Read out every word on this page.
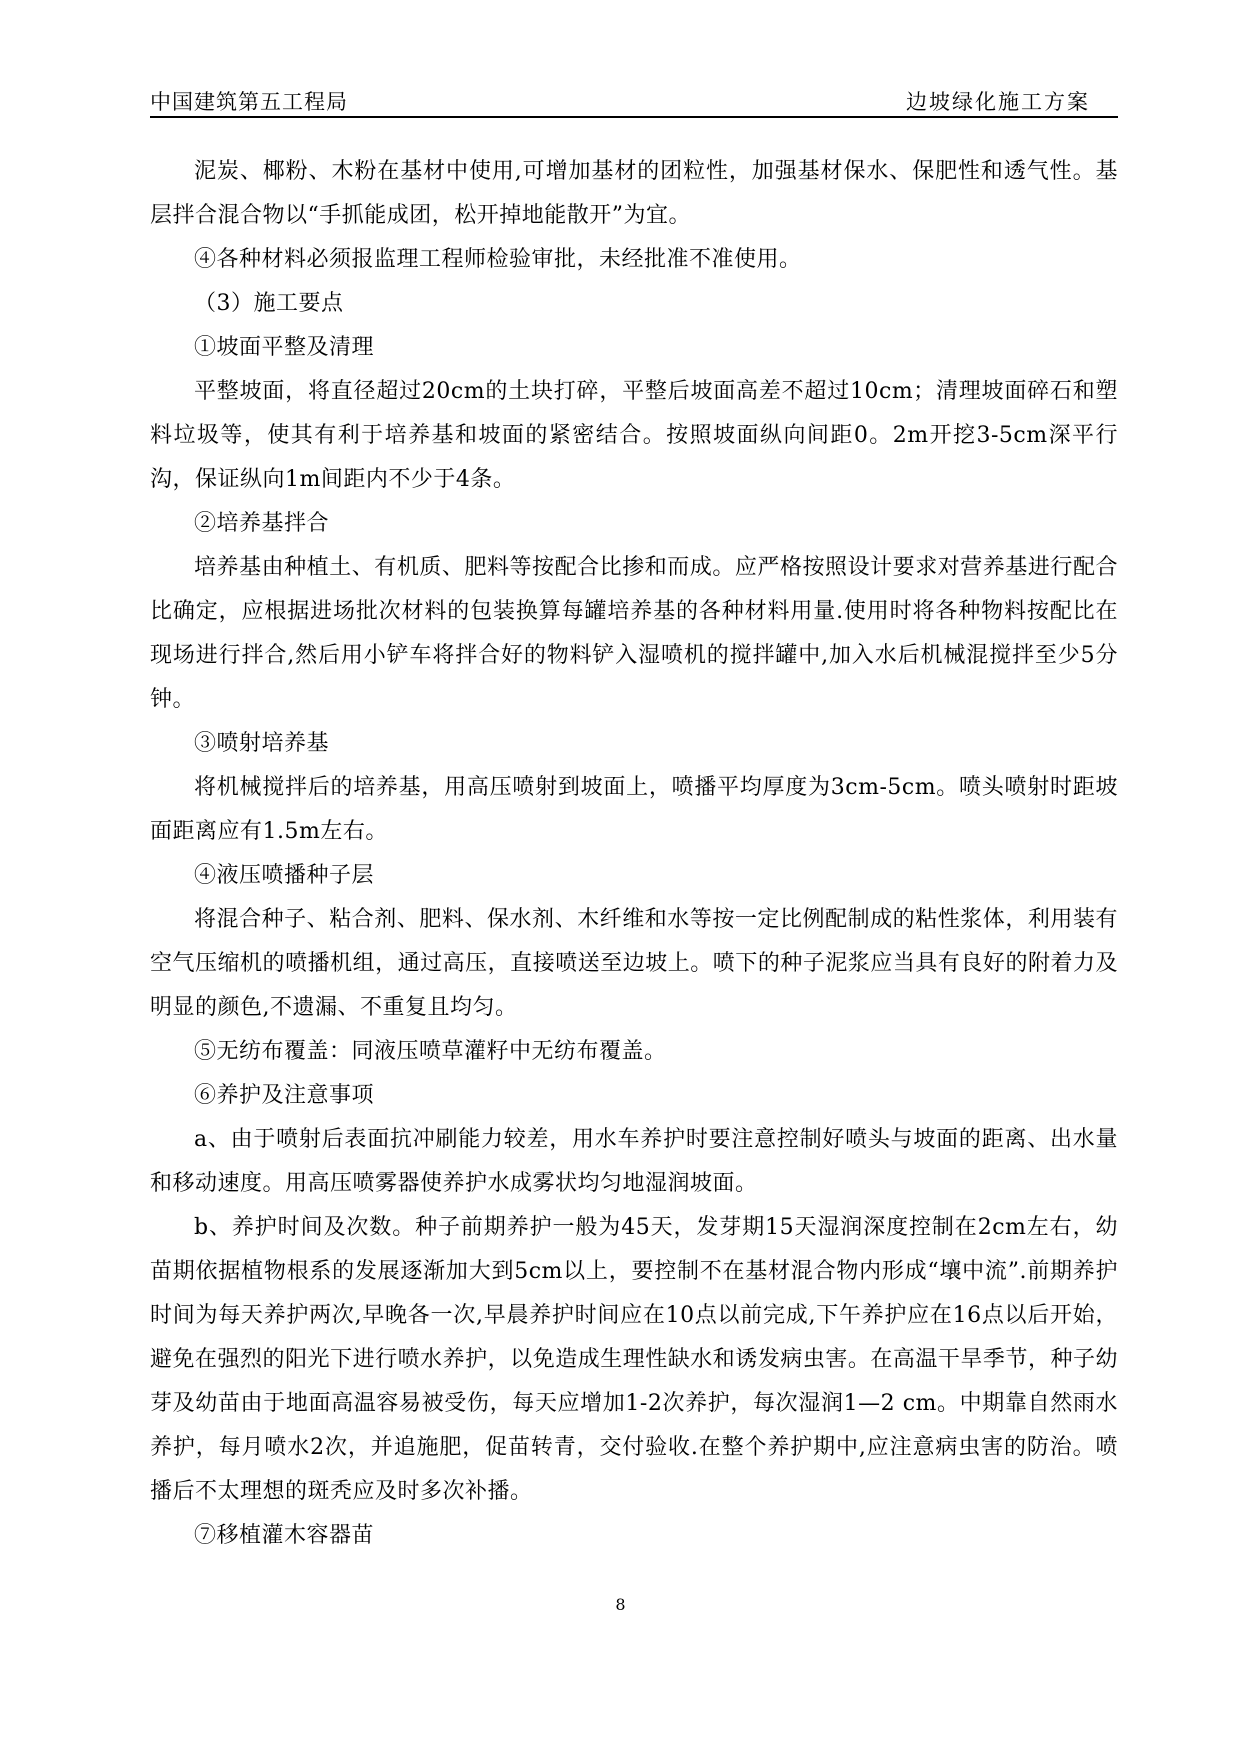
中国建筑第五工程局	边坡绿化施工方案

泥炭、椰粉、木粉在基材中使用,可增加基材的团粒性，加强基材保水、保肥性和透气性。基层拌合混合物以“手抓能成团，松开掉地能散开”为宜。

④各种材料必须报监理工程师检验审批，未经批准不准使用。

（3）施工要点

①坡面平整及清理

平整坡面，将直径超过20cm的土块打碎，平整后坡面高差不超过10cm；清理坡面碎石和塑料垃圾等，使其有利于培养基和坡面的紧密结合。按照坡面纵向间距0。2m开挖3-5cm深平行沟，保证纵向1m间距内不少于4条。

②培养基拌合

培养基由种植土、有机质、肥料等按配合比掺和而成。应严格按照设计要求对营养基进行配合比确定，应根据进场批次材料的包装换算每罐培养基的各种材料用量.使用时将各种物料按配比在现场进行拌合,然后用小铲车将拌合好的物料铲入湿喷机的搅拌罐中,加入水后机械混搅拌至少5分钟。

③喷射培养基

将机械搅拌后的培养基，用高压喷射到坡面上，喷播平均厚度为3cm-5cm。喷头喷射时距坡面距离应有1.5m左右。

④液压喷播种子层

将混合种子、粘合剂、肥料、保水剂、木纤维和水等按一定比例配制成的粘性浆体，利用装有空气压缩机的喷播机组，通过高压，直接喷送至边坡上。喷下的种子泥浆应当具有良好的附着力及明显的颜色,不遗漏、不重复且均匀。

⑤无纺布覆盖：同液压喷草灌籽中无纺布覆盖。

⑥养护及注意事项

a、由于喷射后表面抗冲刷能力较差，用水车养护时要注意控制好喷头与坡面的距离、出水量和移动速度。用高压喷雾器使养护水成雾状均匀地湿润坡面。

b、养护时间及次数。种子前期养护一般为45天，发芽期15天湿润深度控制在2cm左右，幼苗期依据植物根系的发展逐渐加大到5cm以上，要控制不在基材混合物内形成“壤中流”.前期养护时间为每天养护两次,早晚各一次,早晨养护时间应在10点以前完成,下午养护应在16点以后开始，避免在强烈的阳光下进行喷水养护，以免造成生理性缺水和诱发病虫害。在高温干旱季节，种子幼芽及幼苗由于地面高温容易被受伤，每天应增加1-2次养护，每次湿润1—2 cm。中期靠自然雨水养护，每月喷水2次，并追施肥，促苗转青，交付验收.在整个养护期中,应注意病虫害的防治。喷播后不太理想的斑秃应及时多次补播。

⑦移植灌木容器苗

8
